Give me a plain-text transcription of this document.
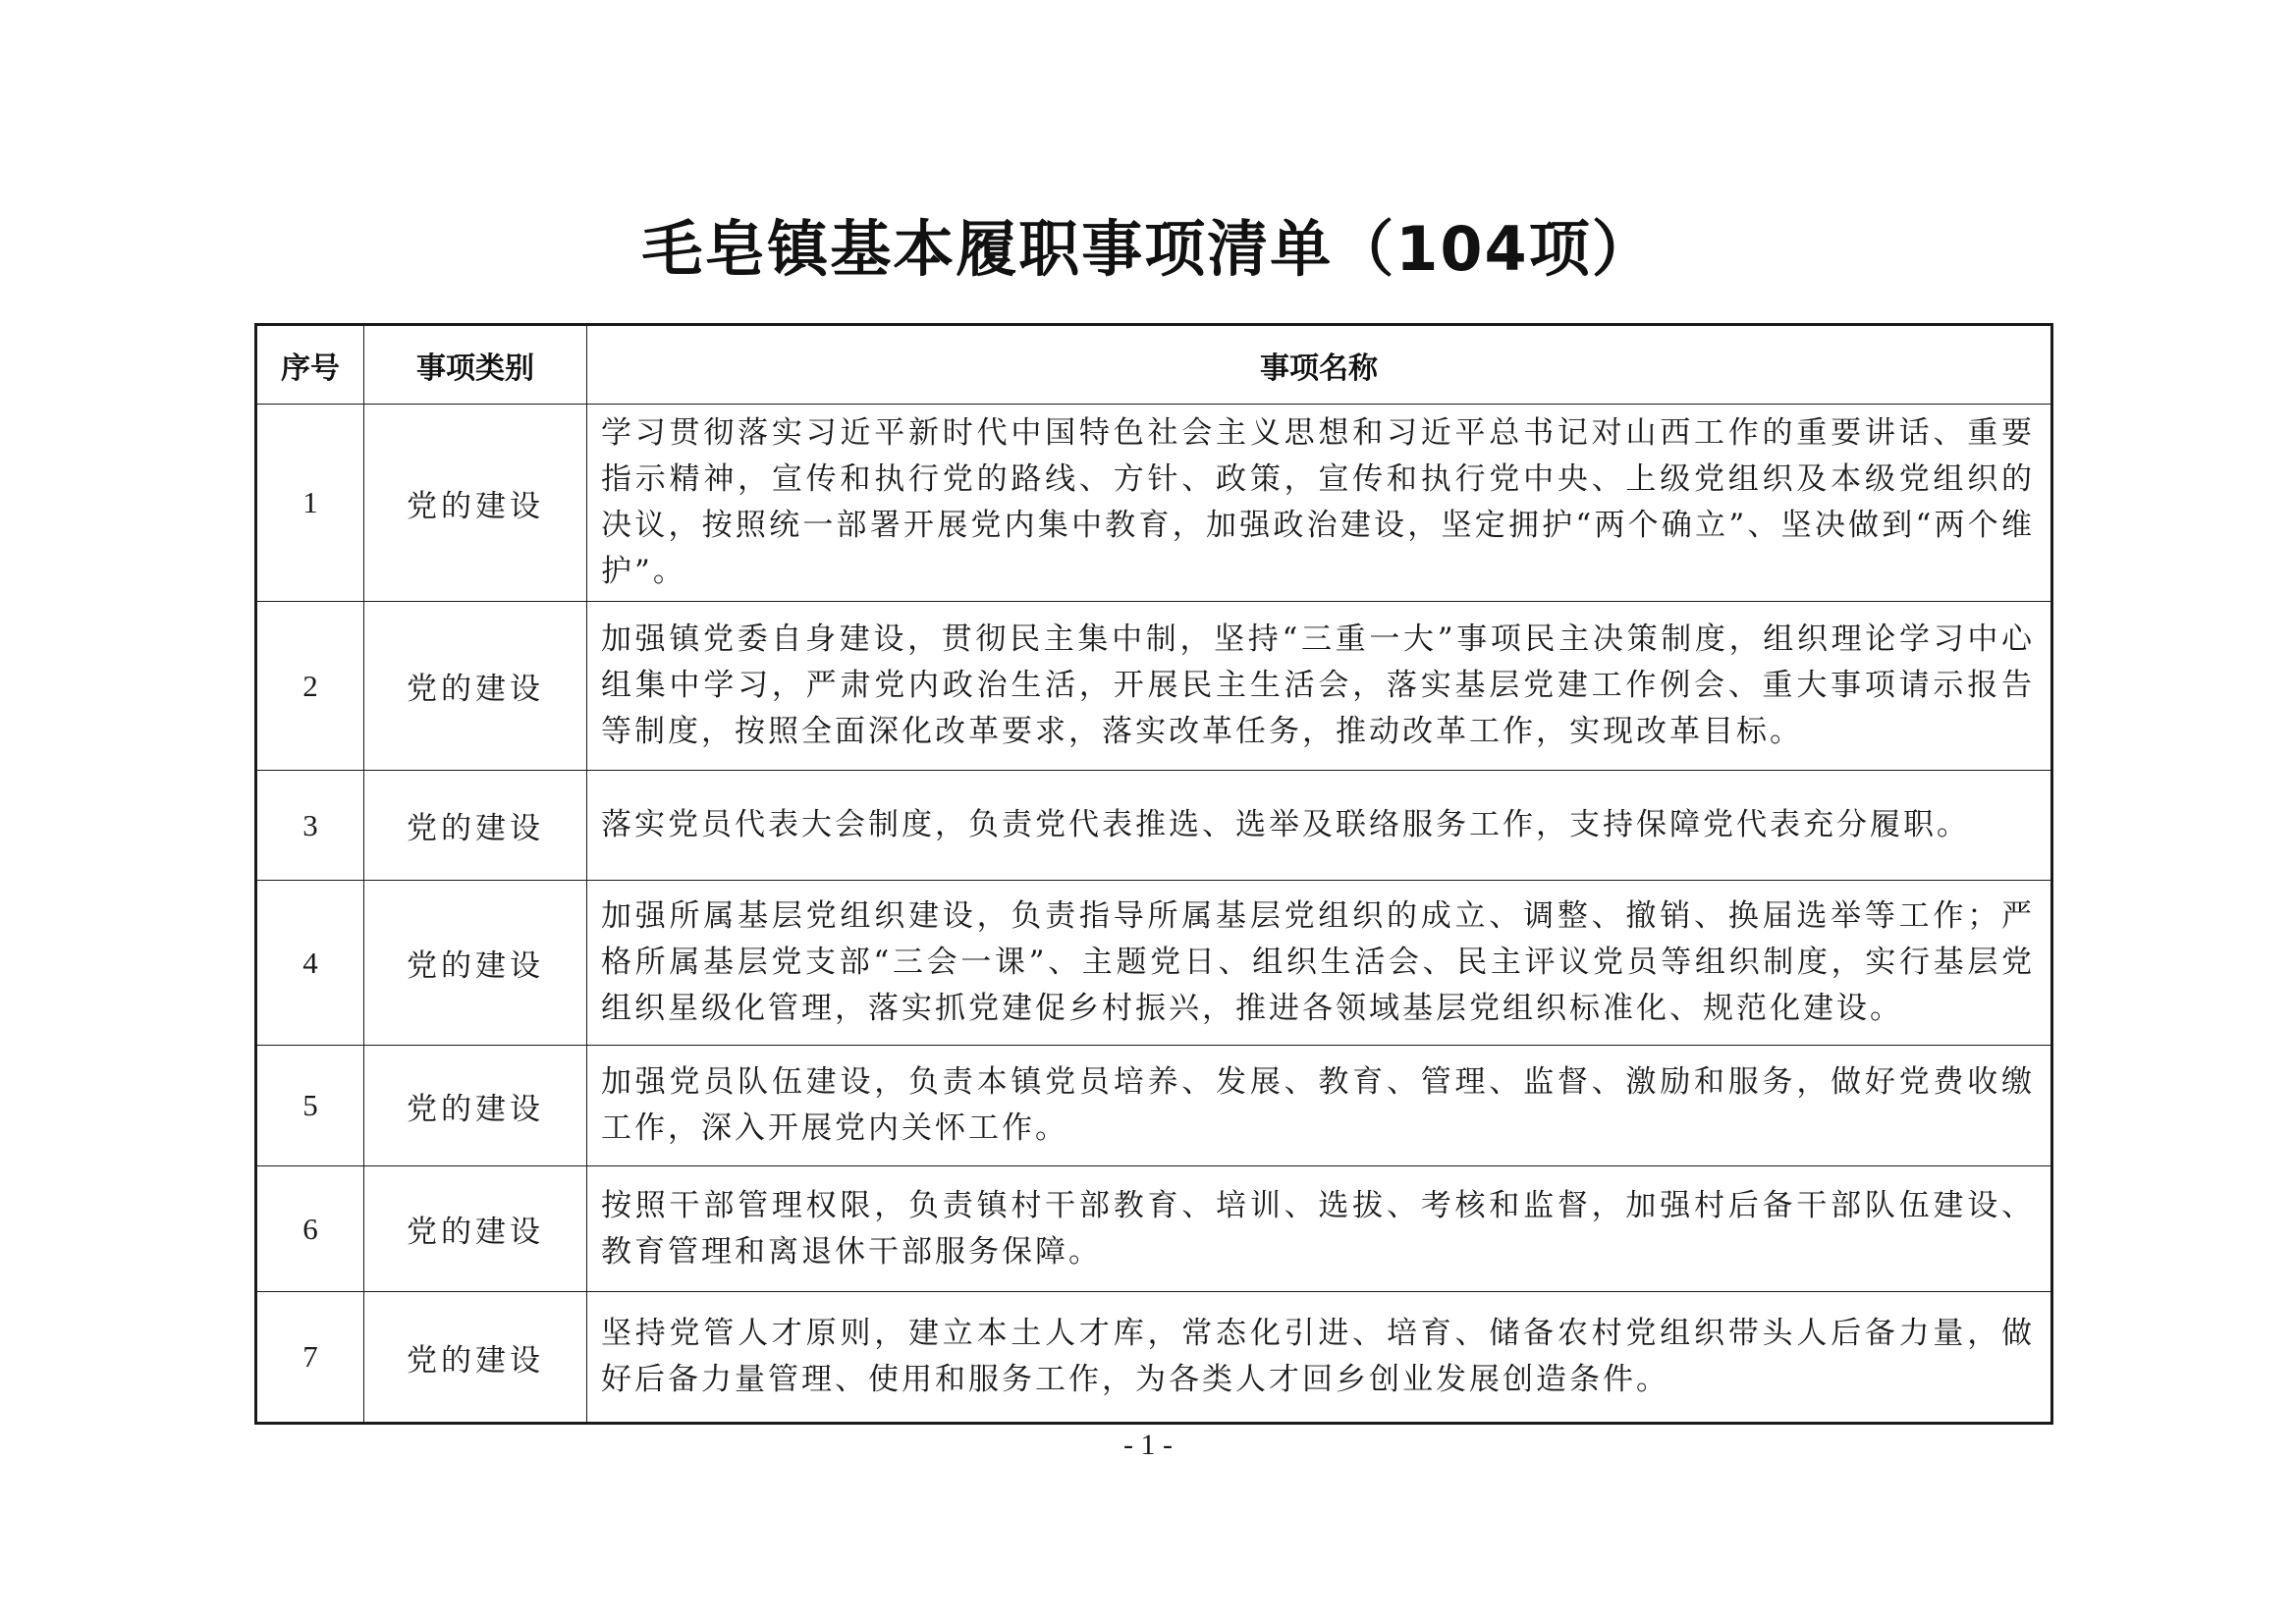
毛皂镇基本履职事项清单（104项）
序号	事项类别	事项名称
1	党的建设	学习贯彻落实习近平新时代中国特色社会主义思想和习近平总书记对山西工作的重要讲话、重要指示精神，宣传和执行党的路线、方针、政策，宣传和执行党中央、上级党组织及本级党组织的决议，按照统一部署开展党内集中教育，加强政治建设，坚定拥护“两个确立”、坚决做到“两个维护”。
2	党的建设	加强镇党委自身建设，贯彻民主集中制，坚持“三重一大”事项民主决策制度，组织理论学习中心组集中学习，严肃党内政治生活，开展民主生活会，落实基层党建工作例会、重大事项请示报告等制度，按照全面深化改革要求，落实改革任务，推动改革工作，实现改革目标。
3	党的建设	落实党员代表大会制度，负责党代表推选、选举及联络服务工作，支持保障党代表充分履职。
4	党的建设	加强所属基层党组织建设，负责指导所属基层党组织的成立、调整、撤销、换届选举等工作；严格所属基层党支部“三会一课”、主题党日、组织生活会、民主评议党员等组织制度，实行基层党组织星级化管理，落实抓党建促乡村振兴，推进各领域基层党组织标准化、规范化建设。
5	党的建设	加强党员队伍建设，负责本镇党员培养、发展、教育、管理、监督、激励和服务，做好党费收缴工作，深入开展党内关怀工作。
6	党的建设	按照干部管理权限，负责镇村干部教育、培训、选拔、考核和监督，加强村后备干部队伍建设、教育管理和离退休干部服务保障。
7	党的建设	坚持党管人才原则，建立本土人才库，常态化引进、培育、储备农村党组织带头人后备力量，做好后备力量管理、使用和服务工作，为各类人才回乡创业发展创造条件。
- 1 -
